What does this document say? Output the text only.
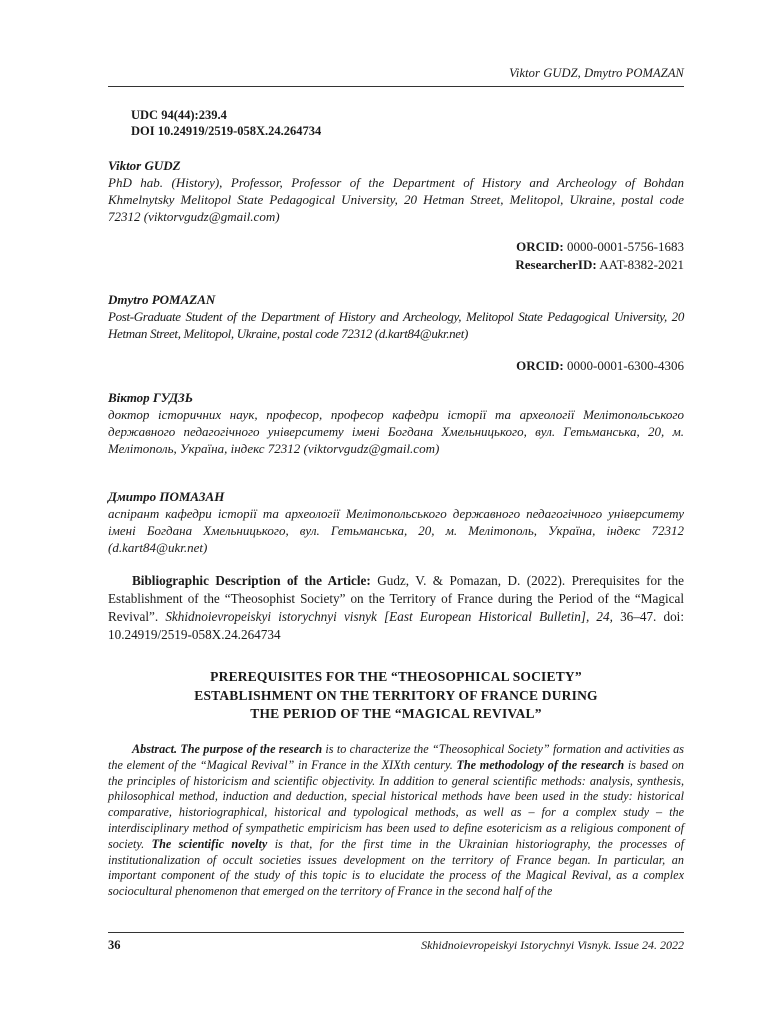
Viktor GUDZ, Dmytro POMAZAN
UDC 94(44):239.4
DOI 10.24919/2519-058X.24.264734
Viktor GUDZ

PhD hab. (History), Professor, Professor of the Department of History and Archeology of Bohdan Khmelnytsky Melitopol State Pedagogical University, 20 Hetman Street, Melitopol, Ukraine, postal code 72312 (viktorvgudz@gmail.com)

ORCID: 0000-0001-5756-1683
ResearcherID: AAT-8382-2021
Dmytro POMAZAN

Post-Graduate Student of the Department of History and Archeology, Melitopol State Pedagogical University, 20 Hetman Street, Melitopol, Ukraine, postal code 72312 (d.kart84@ukr.net)

ORCID: 0000-0001-6300-4306
Віктор ГУДЗЬ

доктор історичних наук, професор, професор кафедри історії та археології Мелітопольського державного педагогічного університету імені Богдана Хмельницького, вул. Гетьманська, 20, м. Мелітополь, Україна, індекс 72312 (viktorvgudz@gmail.com)

Дмитро ПОМАЗАН

аспірант кафедри історії та археології Мелітопольського державного педагогічного університету імені Богдана Хмельницького, вул. Гетьманська, 20, м. Мелітополь, Україна, індекс 72312 (d.kart84@ukr.net)

Bibliographic Description of the Article: Gudz, V. & Pomazan, D. (2022). Prerequisites for the Establishment of the “Theosophist Society” on the Territory of France during the Period of the “Magical Revival”. Skhidnoievropeiskyi istorychnyi visnyk [East European Historical Bulletin], 24, 36–47. doi: 10.24919/2519-058X.24.264734

PREREQUISITES FOR THE “THEOSOPHICAL SOCIETY”
ESTABLISHMENT ON THE TERRITORY OF FRANCE DURING
THE PERIOD OF THE “MAGICAL REVIVAL”

Abstract. The purpose of the research is to characterize the “Theosophical Society” formation and activities as the element of the “Magical Revival” in France in the XIXth century. The methodology of the research is based on the principles of historicism and scientific objectivity. In addition to general scientific methods: analysis, synthesis, philosophical method, induction and deduction, special historical methods have been used in the study: historical comparative, historiographical, historical and typological methods, as well as – for a complex study – the interdisciplinary method of sympathetic empiricism has been used to define esotericism as a religious component of society. The scientific novelty is that, for the first time in the Ukrainian historiography, the processes of institutionalization of occult societies issues development on the territory of France began. In particular, an important component of the study of this topic is to elucidate the process of the Magical Revival, as a complex sociocultural phenomenon that emerged on the territory of France in the second half of the

36	Skhidnoievropeiskyi Istorychnyi Visnyk. Issue 24. 2022
